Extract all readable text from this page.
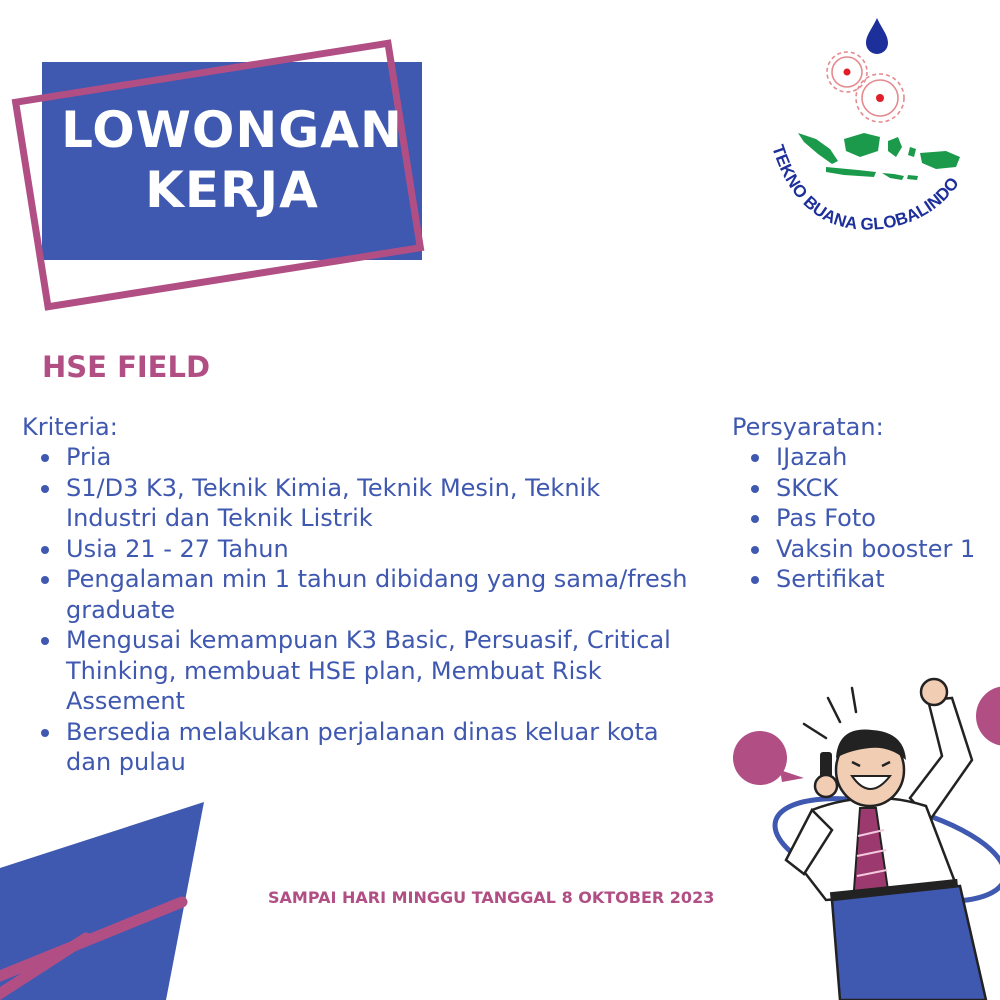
LOWONGAN
KERJA
TEKNO BUANA GLOBALINDO
HSE FIELD
Kriteria:
Pria
S1/D3 K3, Teknik Kimia, Teknik Mesin, Teknik Industri dan Teknik Listrik
Usia 21 - 27 Tahun
Pengalaman min 1 tahun dibidang yang sama/fresh graduate
Mengusai kemampuan K3 Basic, Persuasif, Critical Thinking, membuat HSE plan, Membuat Risk Assement
Bersedia melakukan perjalanan dinas keluar kota dan pulau
Persyaratan:
IJazah
SKCK
Pas Foto
Vaksin booster 1
Sertifikat
SAMPAI HARI MINGGU TANGGAL 8 OKTOBER 2023
